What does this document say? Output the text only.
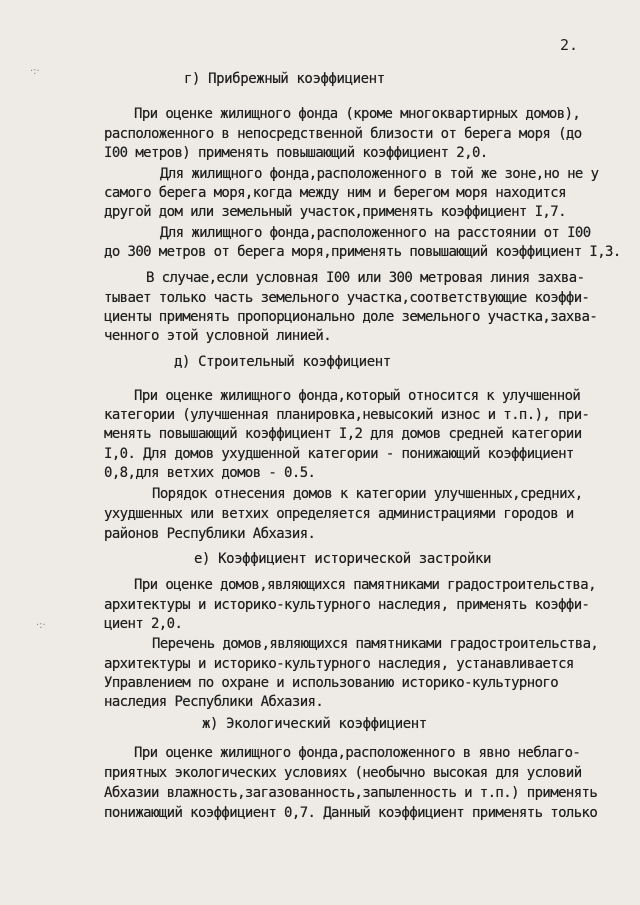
2.
·:·
·:·
г) Прибрежный коэффициент
При оценке жилищного фонда (кроме многоквартирных домов),
расположенного в непосредственной близости от берега моря (до
I00 метров) применять повышающий коэффициент 2,0.
Для жилищного фонда,расположенного в той же зоне,но не у
самого берега моря,когда между ним и берегом моря находится
другой дом или земельный участок,применять коэффициент I,7.
Для жилищного фонда,расположенного на расстоянии от I00
до 300 метров от берега моря,применять повышающий коэффициент I,3.
В случае,если условная I00 или 300 метровая линия захва-
тывает только часть земельного участка,соответствующие коэффи-
циенты применять пропорционально доле земельного участка,захва-
ченного этой условной линией.
д) Строительный коэффициент
При оценке жилищного фонда,который относится к улучшенной
категории (улучшенная планировка,невысокий износ и т.п.), при-
менять повышающий коэффициент I,2 для домов средней категории
I,0. Для домов ухудшенной категории - понижающий коэффициент
0,8,для ветхих домов - 0.5.
Порядок отнесения домов к категории улучшенных,средних,
ухудшенных или ветхих определяется администрациями городов и
районов Республики Абхазия.
е) Коэффициент исторической застройки
При оценке домов,являющихся памятниками градостроительства,
архитектуры и историко-культурного наследия, применять коэффи-
циент 2,0.
Перечень домов,являющихся памятниками градостроительства,
архитектуры и историко-культурного наследия, устанавливается
Управлением по охране и использованию историко-культурного
наследия Республики Абхазия.
ж) Экологический коэффициент
При оценке жилищного фонда,расположенного в явно неблаго-
приятных экологических условиях (необычно высокая для условий
Абхазии влажность,загазованность,запыленность и т.п.) применять
понижающий коэффициент 0,7. Данный коэффициент применять только
